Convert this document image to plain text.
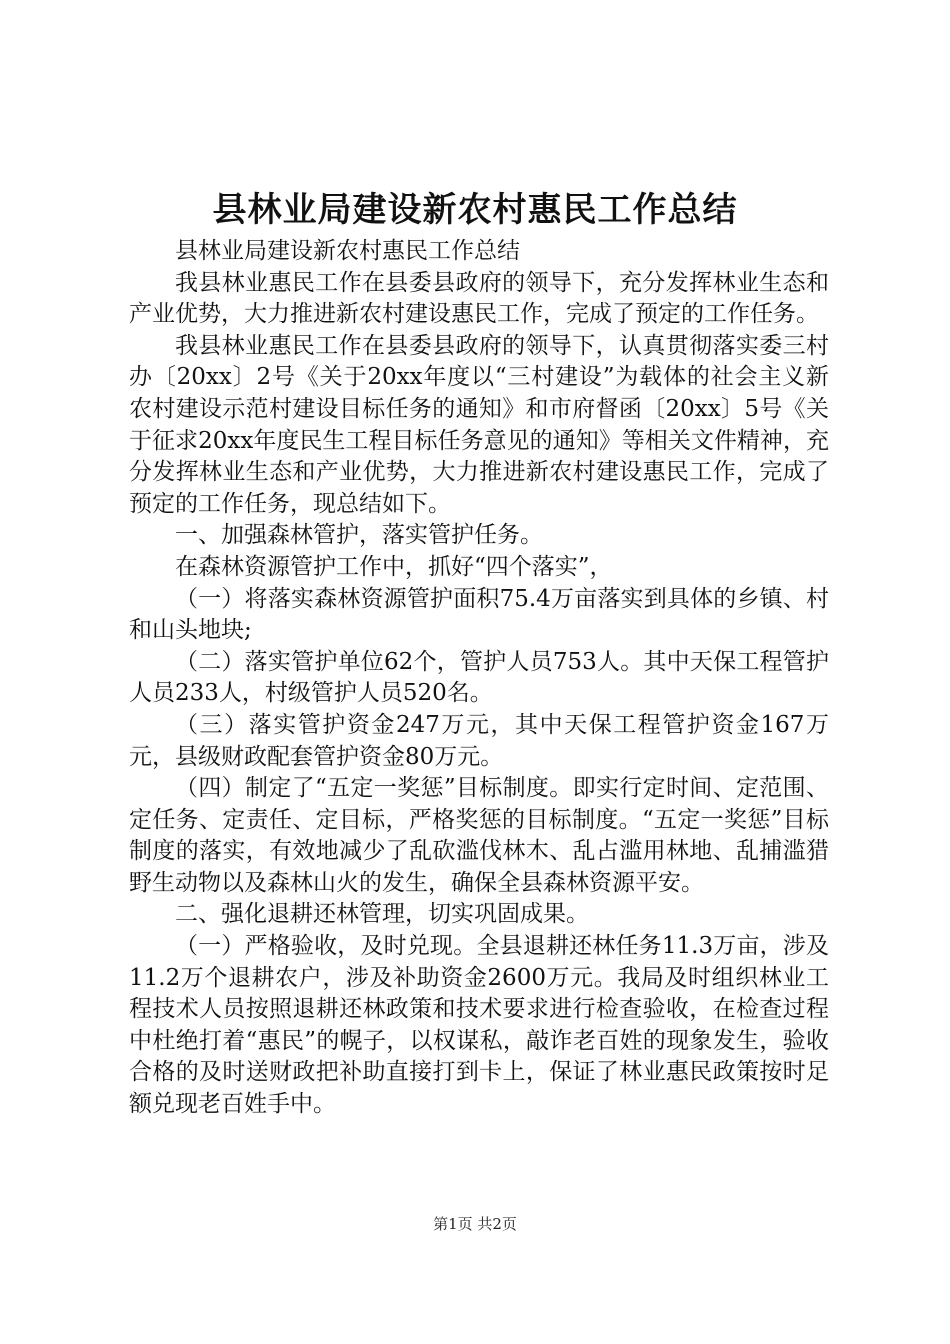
县林业局建设新农村惠民工作总结

县林业局建设新农村惠民工作总结

我县林业惠民工作在县委县政府的领导下，充分发挥林业生态和产业优势，大力推进新农村建设惠民工作，完成了预定的工作任务。

我县林业惠民工作在县委县政府的领导下，认真贯彻落实委三村办〔20xx〕2号《关于20xx年度以“三村建设”为载体的社会主义新农村建设示范村建设目标任务的通知》和市府督函〔20xx〕5号《关于征求20xx年度民生工程目标任务意见的通知》等相关文件精神，充分发挥林业生态和产业优势，大力推进新农村建设惠民工作，完成了预定的工作任务，现总结如下。

一、加强森林管护，落实管护任务。

在森林资源管护工作中，抓好“四个落实”，

（一）将落实森林资源管护面积75.4万亩落实到具体的乡镇、村和山头地块;

（二）落实管护单位62个，管护人员753人。其中天保工程管护人员233人，村级管护人员520名。

（三）落实管护资金247万元，其中天保工程管护资金167万元，县级财政配套管护资金80万元。

（四）制定了“五定一奖惩”目标制度。即实行定时间、定范围、定任务、定责任、定目标，严格奖惩的目标制度。“五定一奖惩”目标制度的落实，有效地减少了乱砍滥伐林木、乱占滥用林地、乱捕滥猎野生动物以及森林山火的发生，确保全县森林资源平安。

二、强化退耕还林管理，切实巩固成果。

（一）严格验收，及时兑现。全县退耕还林任务11.3万亩，涉及11.2万个退耕农户，涉及补助资金2600万元。我局及时组织林业工程技术人员按照退耕还林政策和技术要求进行检查验收，在检查过程中杜绝打着“惠民”的幌子，以权谋私，敲诈老百姓的现象发生，验收合格的及时送财政把补助直接打到卡上，保证了林业惠民政策按时足额兑现老百姓手中。

第1页 共2页
